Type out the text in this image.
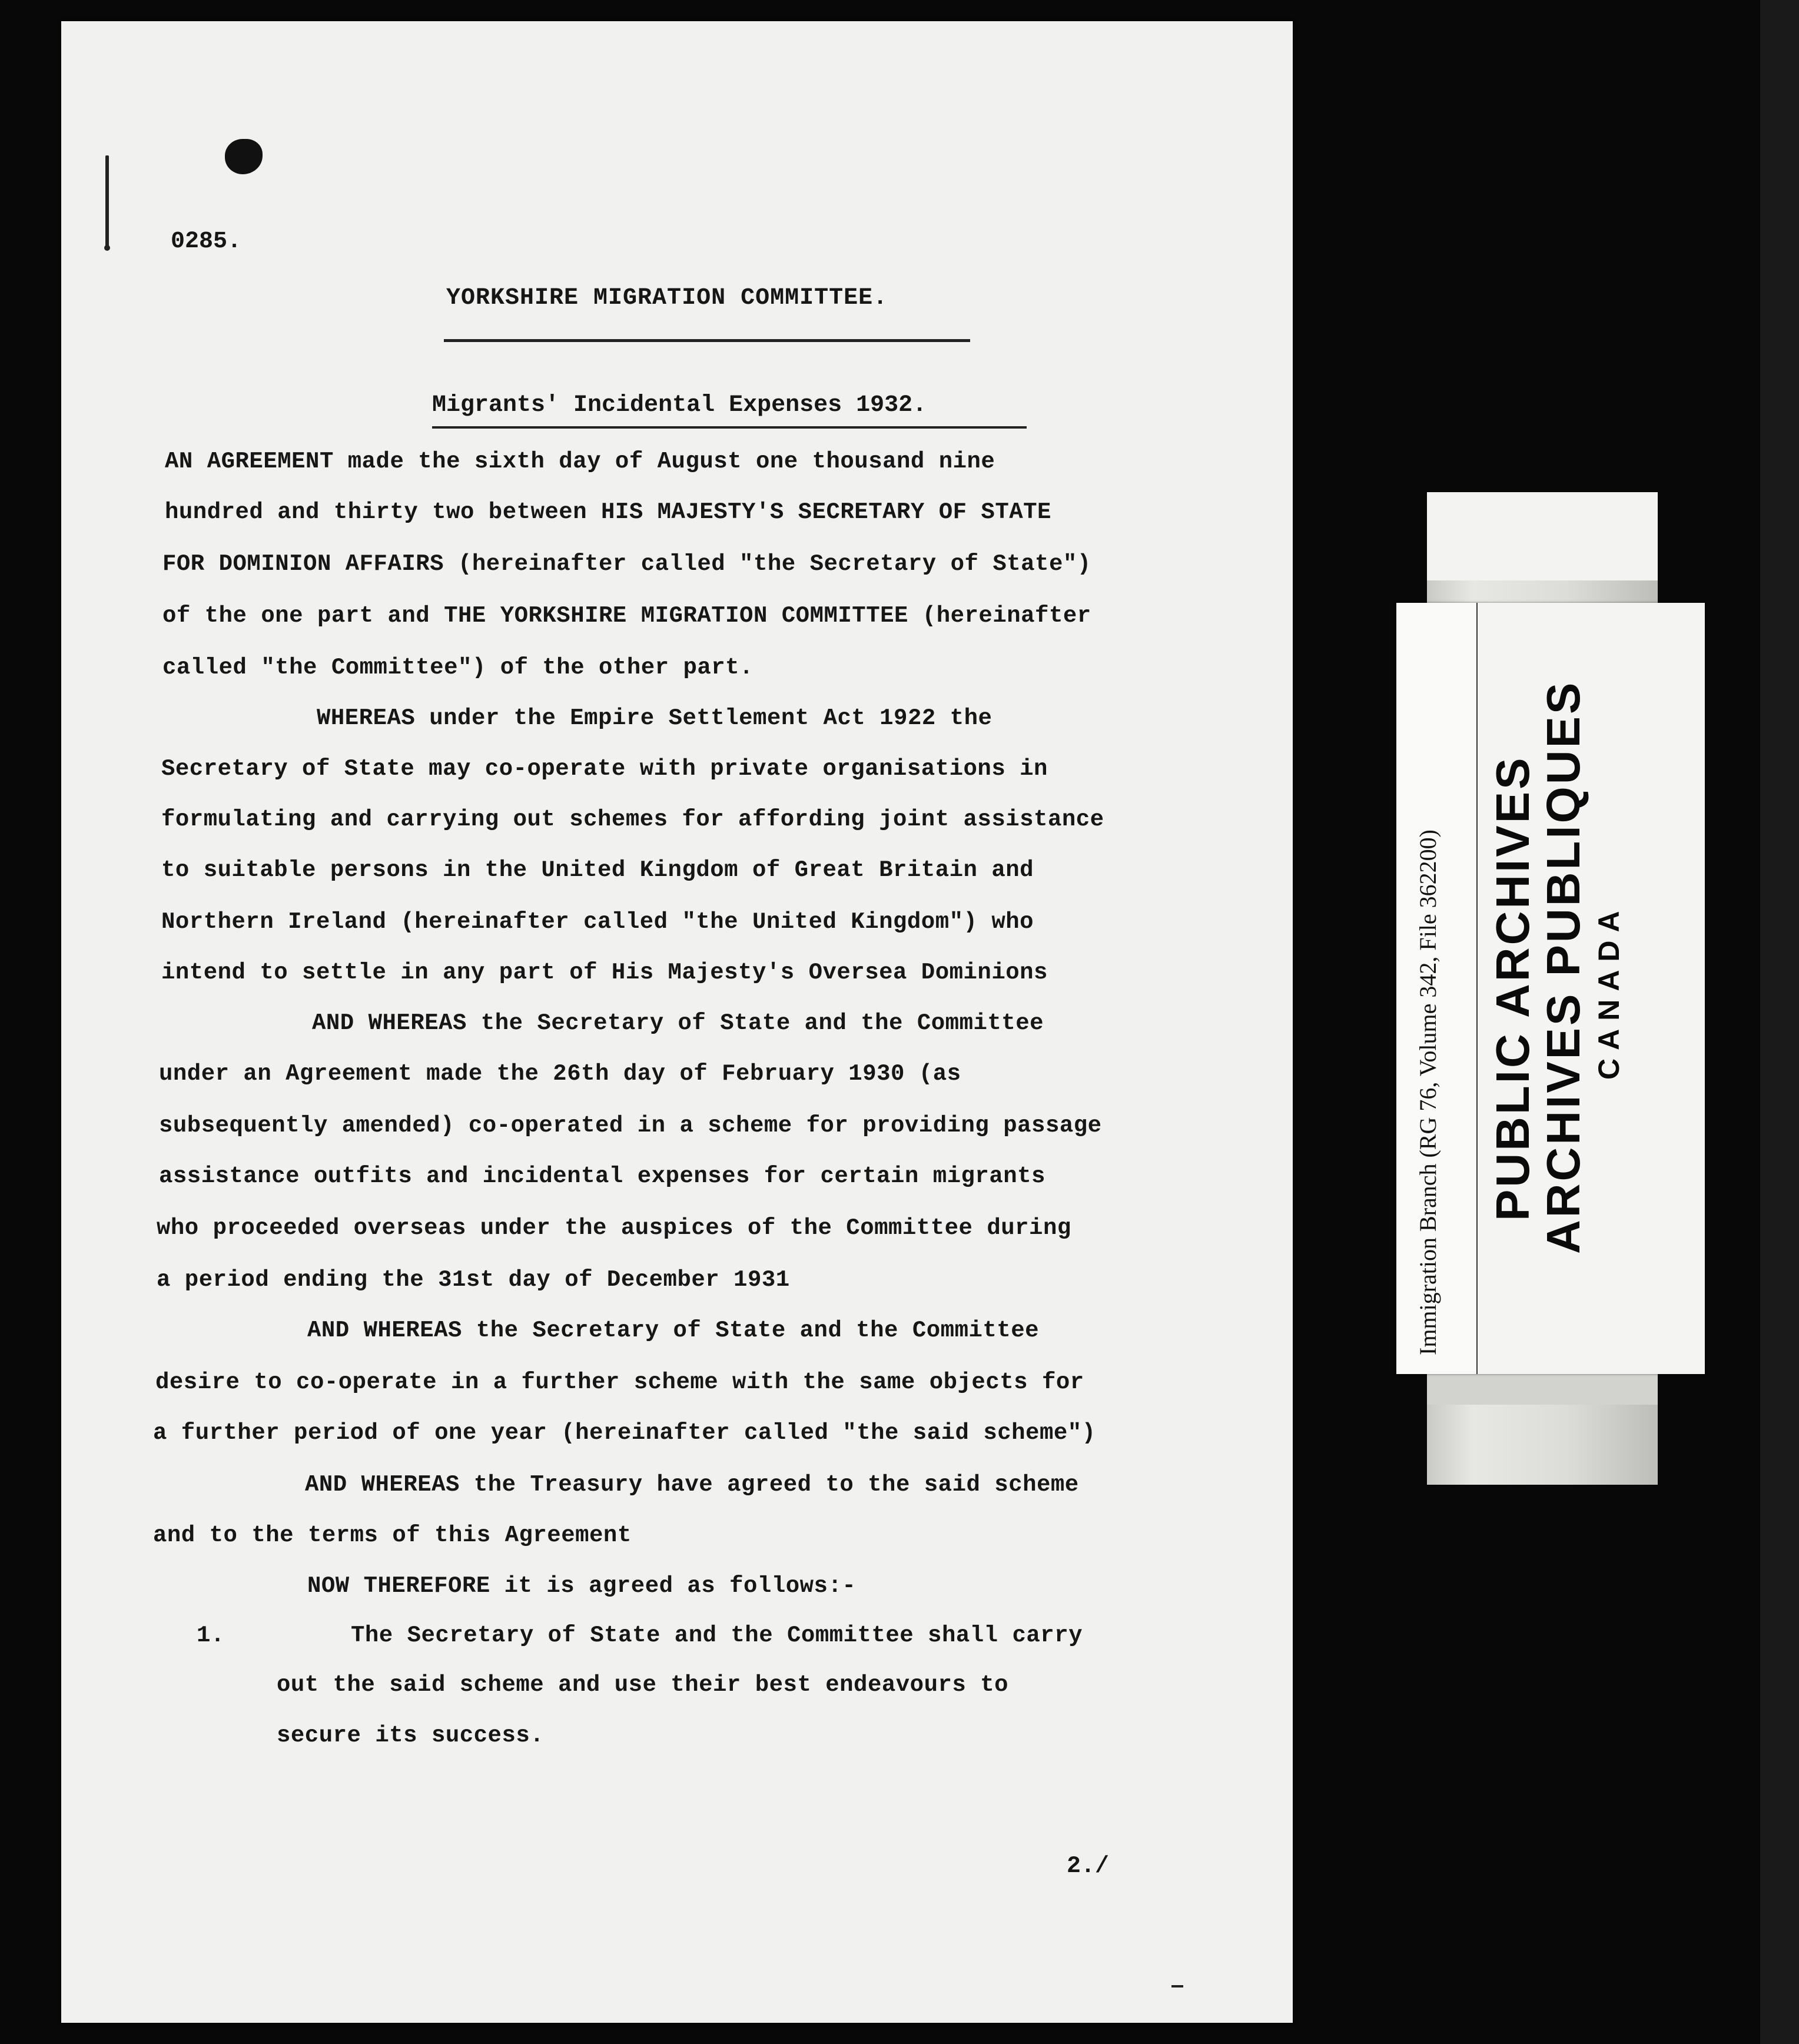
0285.
YORKSHIRE MIGRATION COMMITTEE.
Migrants' Incidental Expenses 1932.
AN AGREEMENT made the sixth day of August one thousand nine
hundred and thirty two between HIS MAJESTY'S SECRETARY OF STATE
FOR DOMINION AFFAIRS (hereinafter called "the Secretary of State")
of the one part and THE YORKSHIRE MIGRATION COMMITTEE (hereinafter
called "the Committee") of the other part.
WHEREAS under the Empire Settlement Act 1922 the
Secretary of State may co-operate with private organisations in
formulating and carrying out schemes for affording joint assistance
to suitable persons in the United Kingdom of Great Britain and
Northern Ireland (hereinafter called "the United Kingdom") who
intend to settle in any part of His Majesty's Oversea Dominions
AND WHEREAS the Secretary of State and the Committee
under an Agreement made the 26th day of February 1930 (as
subsequently amended) co-operated in a scheme for providing passage
assistance outfits and incidental expenses for certain migrants
who proceeded overseas under the auspices of the Committee during
a period ending the 31st day of December 1931
AND WHEREAS the Secretary of State and the Committee
desire to co-operate in a further scheme with the same objects for
a further period of one year (hereinafter called "the said scheme")
AND WHEREAS the Treasury have agreed to the said scheme
and to the terms of this Agreement
NOW THEREFORE it is agreed as follows:-
1.	The Secretary of State and the Committee shall carry
out the said scheme and use their best endeavours to
secure its success.
2./
Immigration Branch (RG 76, Volume 342, File 362200) PUBLIC ARCHIVES
ARCHIVES PUBLIQUES CANADA
